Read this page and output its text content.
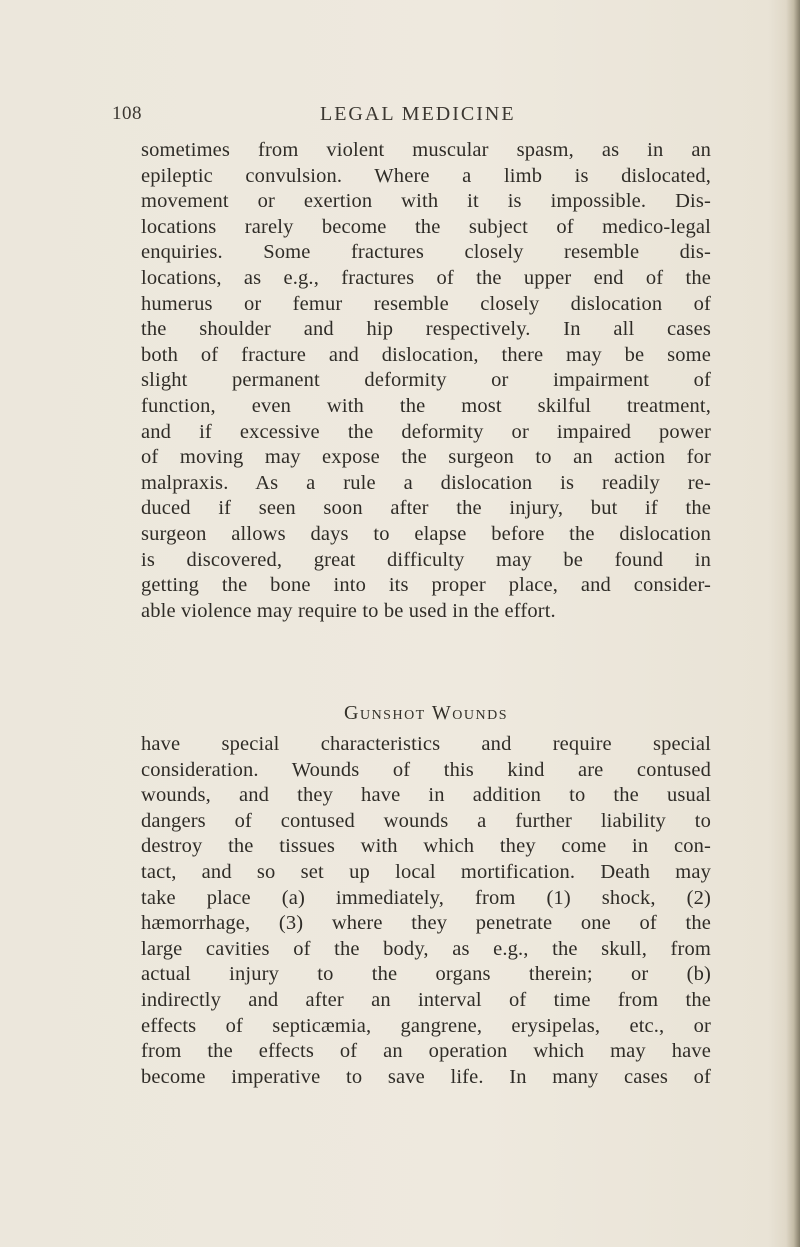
108	LEGAL MEDICINE
sometimes from violent muscular spasm, as in an
epileptic convulsion. Where a limb is dislocated,
movement or exertion with it is impossible. Dis-
locations rarely become the subject of medico-legal
enquiries. Some fractures closely resemble dis-
locations, as e.g., fractures of the upper end of the
humerus or femur resemble closely dislocation of
the shoulder and hip respectively. In all cases
both of fracture and dislocation, there may be some
slight permanent deformity or impairment of
function, even with the most skilful treatment,
and if excessive the deformity or impaired power
of moving may expose the surgeon to an action for
malpraxis. As a rule a dislocation is readily re-
duced if seen soon after the injury, but if the
surgeon allows days to elapse before the dislocation
is discovered, great difficulty may be found in
getting the bone into its proper place, and consider-
able violence may require to be used in the effort.
Gunshot Wounds
have special characteristics and require special
consideration. Wounds of this kind are contused
wounds, and they have in addition to the usual
dangers of contused wounds a further liability to
destroy the tissues with which they come in con-
tact, and so set up local mortification. Death may
take place (a) immediately, from (1) shock, (2)
hæmorrhage, (3) where they penetrate one of the
large cavities of the body, as e.g., the skull, from
actual injury to the organs therein; or (b)
indirectly and after an interval of time from the
effects of septicæmia, gangrene, erysipelas, etc., or
from the effects of an operation which may have
become imperative to save life. In many cases of
